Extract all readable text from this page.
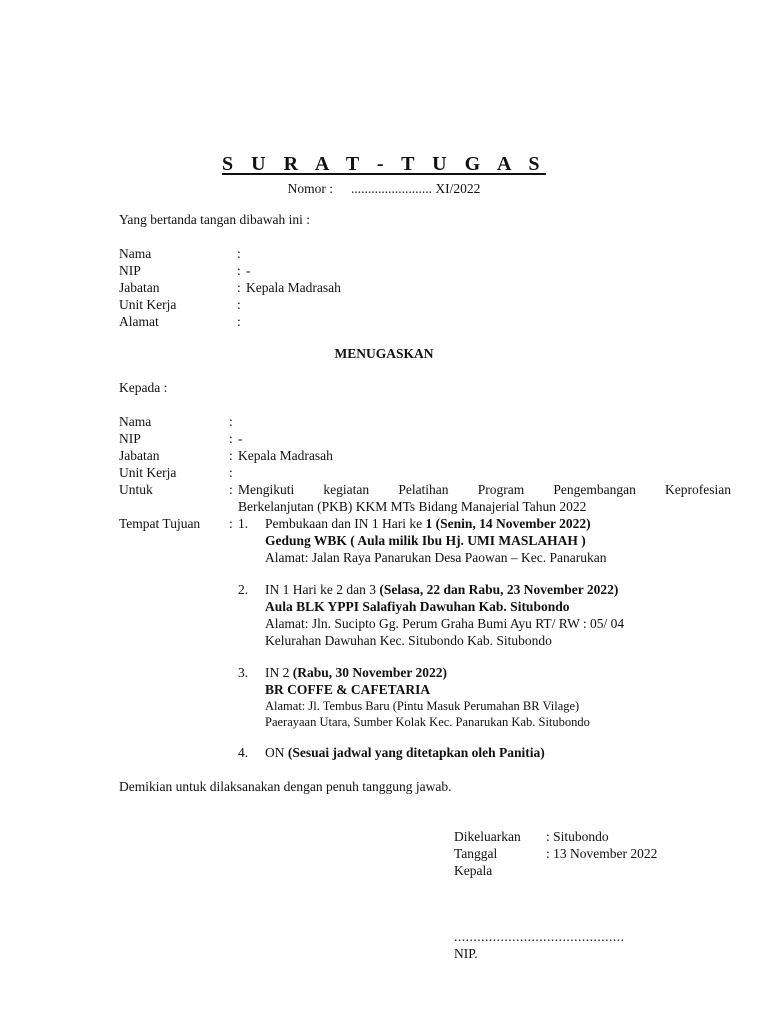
S U R A T - T U G A S
Nomor : ........................ XI/2022
Yang bertanda tangan dibawah ini :
Nama	:
NIP	: -
Jabatan	: Kepala Madrasah
Unit Kerja	:
Alamat	:
MENUGASKAN
Kepada :
Nama	:
NIP	: -
Jabatan	: Kepala Madrasah
Unit Kerja	:
Untuk	: Mengikuti kegiatan Pelatihan Program Pengembangan Keprofesian
Berkelanjutan (PKB) KKM MTs Bidang Manajerial Tahun 2022
Tempat Tujuan : 1. Pembukaan dan IN 1 Hari ke 1 (Senin, 14 November 2022)
Gedung WBK ( Aula milik Ibu Hj. UMI MASLAHAH )
Alamat: Jalan Raya Panarukan Desa Paowan – Kec. Panarukan
2. IN 1 Hari ke 2 dan 3 (Selasa, 22 dan Rabu, 23 November 2022)
Aula BLK YPPI Salafiyah Dawuhan Kab. Situbondo
Alamat: Jln. Sucipto Gg. Perum Graha Bumi Ayu RT/ RW : 05/ 04
Kelurahan Dawuhan Kec. Situbondo Kab. Situbondo
3. IN 2 (Rabu, 30 November 2022)
BR COFFE & CAFETARIA
Alamat: Jl. Tembus Baru (Pintu Masuk Perumahan BR Vilage)
Paerayaan Utara, Sumber Kolak Kec. Panarukan Kab. Situbondo
4. ON (Sesuai jadwal yang ditetapkan oleh Panitia)
Demikian untuk dilaksanakan dengan penuh tanggung jawab.
Dikeluarkan : Situbondo
Tanggal	: 13 November 2022
Kepala
............................................
NIP.
